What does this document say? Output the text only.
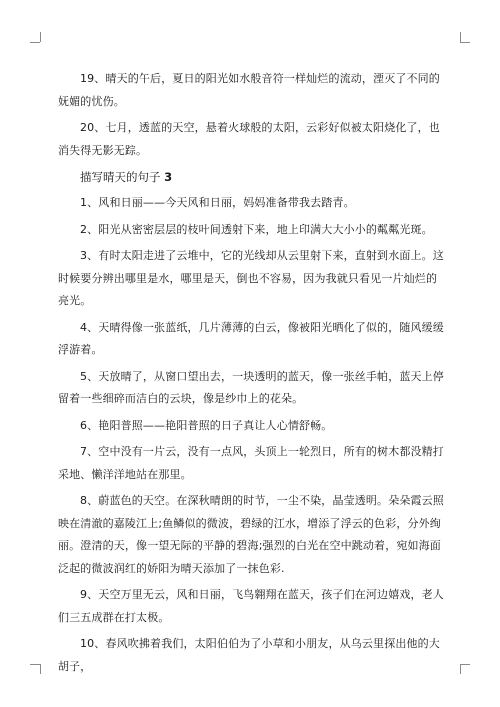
19、晴天的午后，夏日的阳光如水般音符一样灿烂的流动，湮灭了不同的妩媚的忧伤。

20、七月，透蓝的天空，悬着火球般的太阳，云彩好似被太阳烧化了，也消失得无影无踪。

描写晴天的句子 3

1、风和日丽——今天风和日丽，妈妈准备带我去踏青。

2、阳光从密密层层的枝叶间透射下来，地上印满大大小小的粼粼光斑。

3、有时太阳走进了云堆中，它的光线却从云里射下来，直射到水面上。这时候要分辨出哪里是水，哪里是天，倒也不容易，因为我就只看见一片灿烂的亮光。

4、天晴得像一张蓝纸，几片薄薄的白云，像被阳光晒化了似的，随风缓缓浮游着。

5、天放晴了，从窗口望出去，一块透明的蓝天，像一张丝手帕，蓝天上停留着一些细碎而洁白的云块，像是纱巾上的花朵。

6、艳阳普照——艳阳普照的日子真让人心情舒畅。

7、空中没有一片云，没有一点风，头顶上一轮烈日，所有的树木都没精打采地、懒洋洋地站在那里。

8、蔚蓝色的天空。在深秋晴朗的时节，一尘不染，晶莹透明。朵朵霞云照映在清澈的嘉陵江上;鱼鳞似的微波，碧绿的江水，增添了浮云的色彩，分外绚丽。澄清的天，像一望无际的平静的碧海;强烈的白光在空中跳动着，宛如海面泛起的微波润红的娇阳为晴天添加了一抹色彩.

9、天空万里无云，风和日丽，飞鸟翱翔在蓝天，孩子们在河边嬉戏，老人们三五成群在打太极。

10、春风吹拂着我们，太阳伯伯为了小草和小朋友，从乌云里探出他的大胡子，
